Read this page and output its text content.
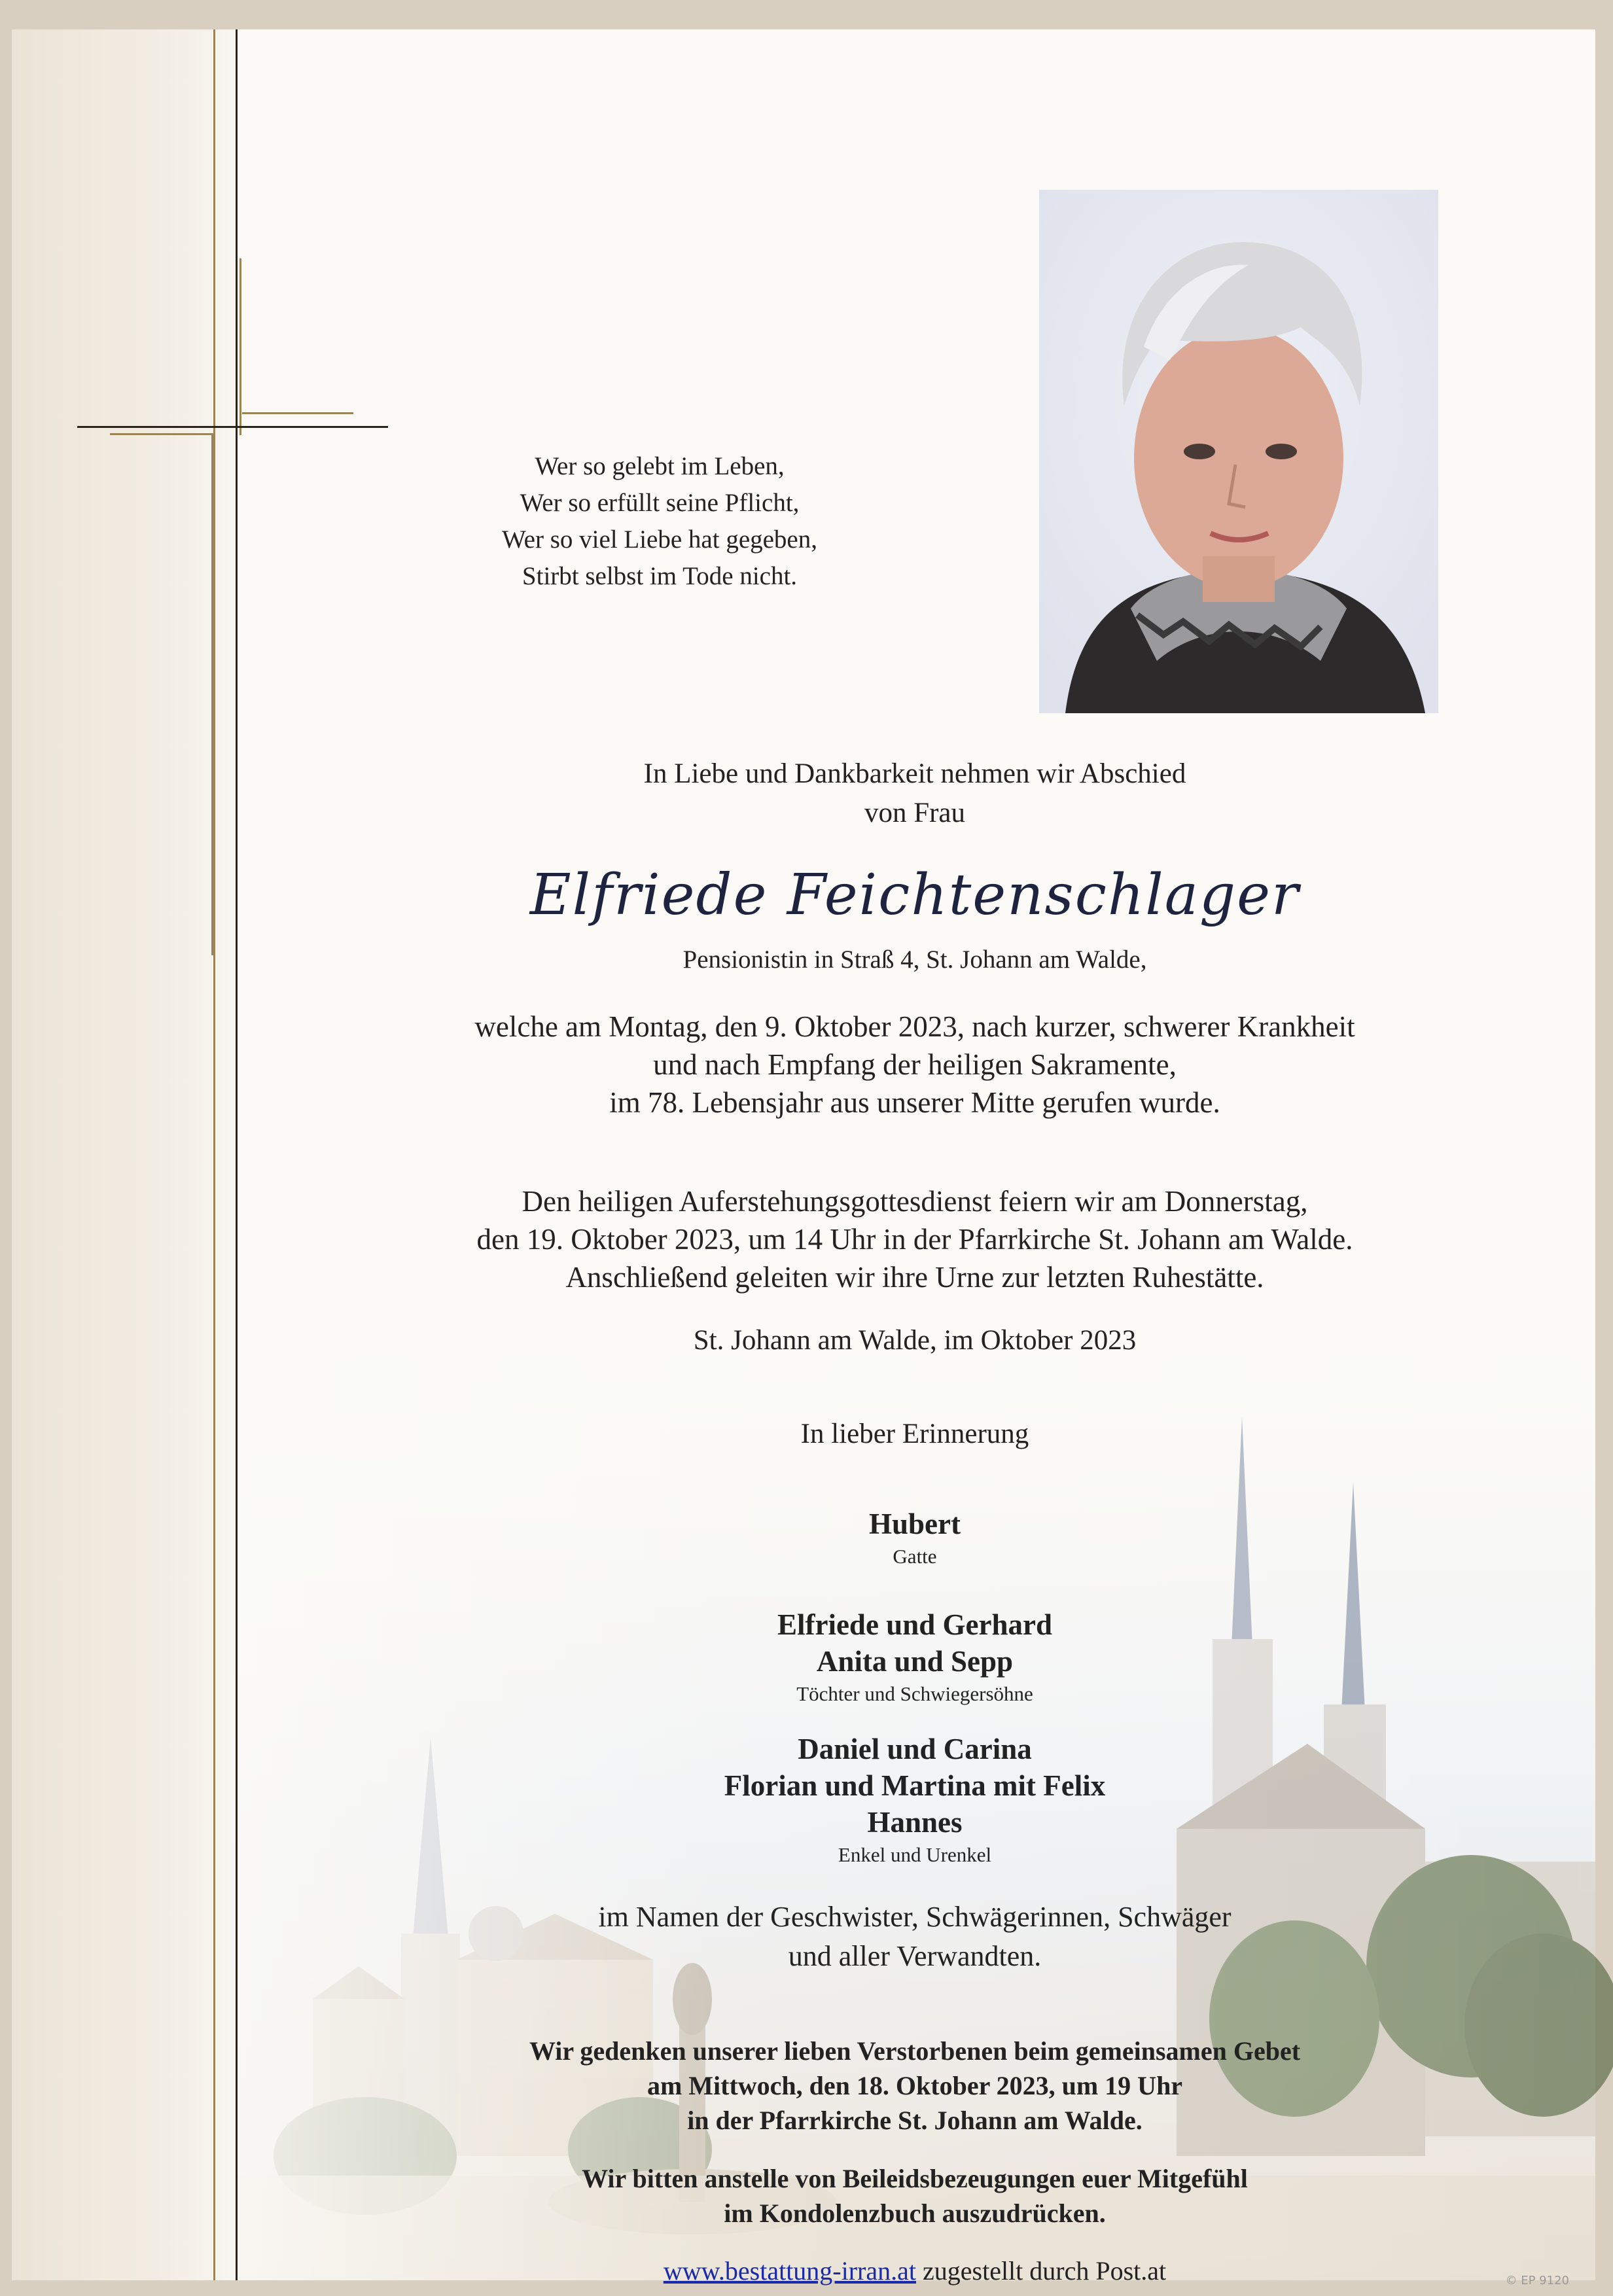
Wer so gelebt im Leben,
Wer so erfüllt seine Pflicht,
Wer so viel Liebe hat gegeben,
Stirbt selbst im Tode nicht.
In Liebe und Dankbarkeit nehmen wir Abschied
von Frau
Elfriede Feichtenschlager
Pensionistin in Straß 4, St. Johann am Walde,
welche am Montag, den 9. Oktober 2023, nach kurzer, schwerer Krankheit
und nach Empfang der heiligen Sakramente,
im 78. Lebensjahr aus unserer Mitte gerufen wurde.
Den heiligen Auferstehungsgottesdienst feiern wir am Donnerstag,
den 19. Oktober 2023, um 14 Uhr in der Pfarrkirche St. Johann am Walde.
Anschließend geleiten wir ihre Urne zur letzten Ruhestätte.
St. Johann am Walde, im Oktober 2023
In lieber Erinnerung
Hubert
Gatte
Elfriede und Gerhard
Anita und Sepp
Töchter und Schwiegersöhne
Daniel und Carina
Florian und Martina mit Felix
Hannes
Enkel und Urenkel
im Namen der Geschwister, Schwägerinnen, Schwäger
und aller Verwandten.
Wir gedenken unserer lieben Verstorbenen beim gemeinsamen Gebet
am Mittwoch, den 18. Oktober 2023, um 19 Uhr
in der Pfarrkirche St. Johann am Walde.
Wir bitten anstelle von Beileidsbezeugungen euer Mitgefühl
im Kondolenzbuch auszudrücken.
www.bestattung-irran.at zugestellt durch Post.at	© EP 9120
